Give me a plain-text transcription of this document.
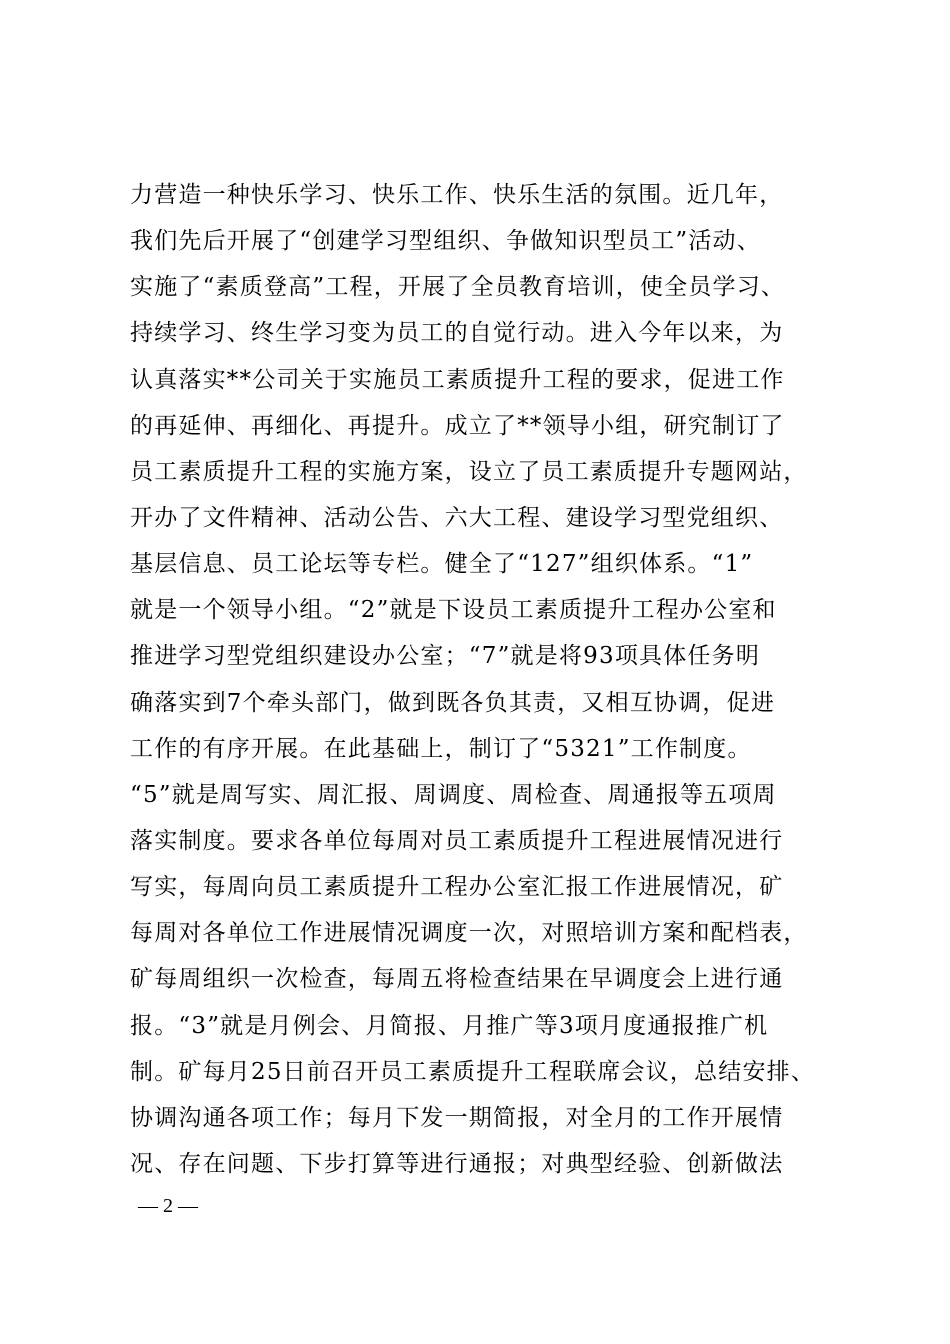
力营造一种快乐学习、快乐工作、快乐生活的氛围。近几年，
我们先后开展了“创建学习型组织、争做知识型员工”活动、
实施了“素质登高”工程，开展了全员教育培训，使全员学习、
持续学习、终生学习变为员工的自觉行动。进入今年以来，为
认真落实**公司关于实施员工素质提升工程的要求，促进工作
的再延伸、再细化、再提升。成立了**领导小组，研究制订了
员工素质提升工程的实施方案，设立了员工素质提升专题网站，
开办了文件精神、活动公告、六大工程、建设学习型党组织、
基层信息、员工论坛等专栏。健全了“127”组织体系。“1”
就是一个领导小组。“2”就是下设员工素质提升工程办公室和
推进学习型党组织建设办公室；“7”就是将93项具体任务明
确落实到7个牵头部门，做到既各负其责，又相互协调，促进
工作的有序开展。在此基础上，制订了“5321”工作制度。
“5”就是周写实、周汇报、周调度、周检查、周通报等五项周
落实制度。要求各单位每周对员工素质提升工程进展情况进行
写实，每周向员工素质提升工程办公室汇报工作进展情况，矿
每周对各单位工作进展情况调度一次，对照培训方案和配档表，
矿每周组织一次检查，每周五将检查结果在早调度会上进行通
报。“3”就是月例会、月简报、月推广等3项月度通报推广机
制。矿每月25日前召开员工素质提升工程联席会议，总结安排、
协调沟通各项工作；每月下发一期简报，对全月的工作开展情
况、存在问题、下步打算等进行通报；对典型经验、创新做法
— 2 —
